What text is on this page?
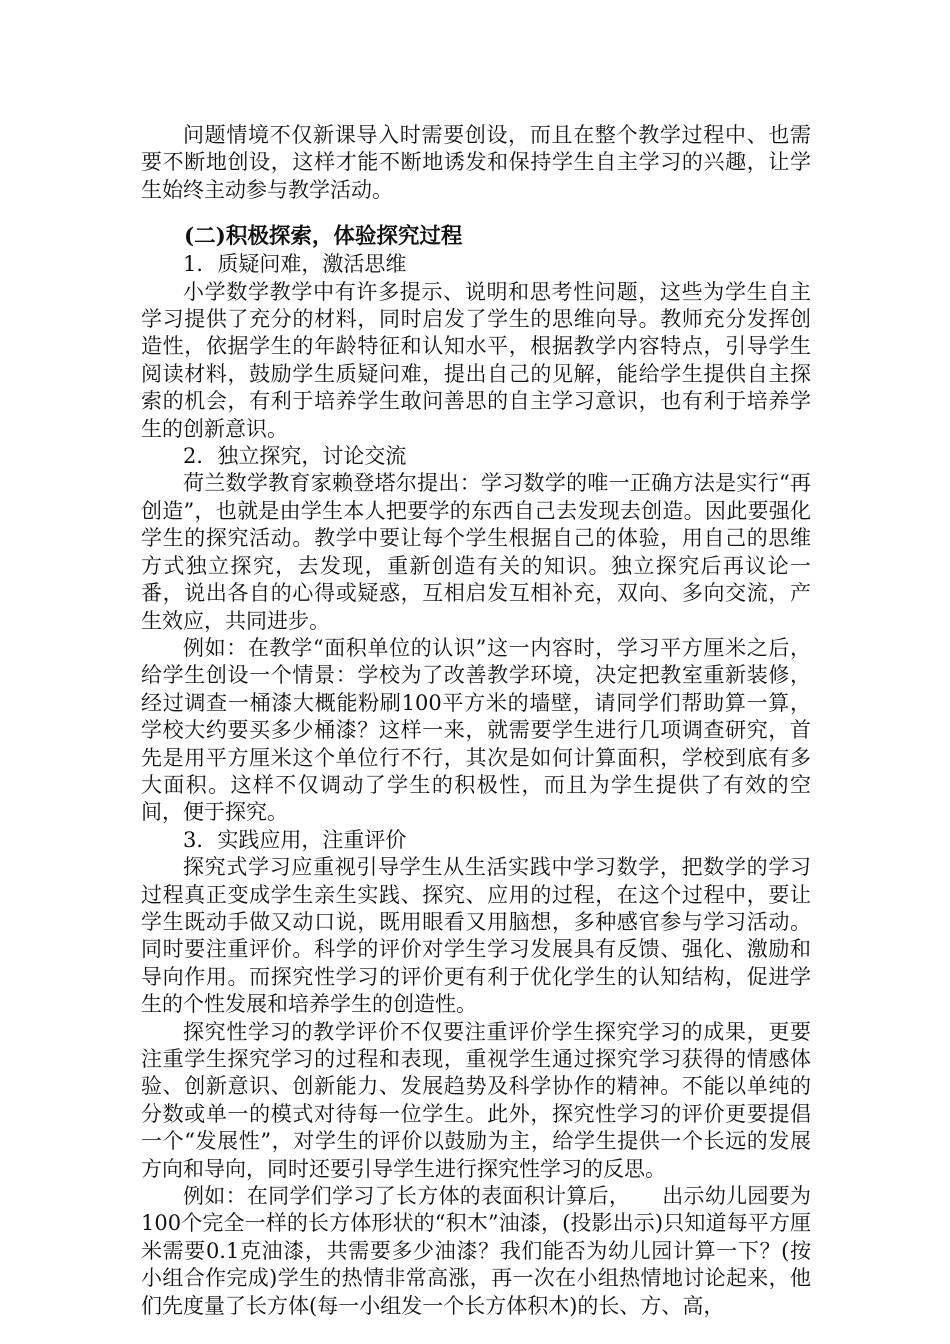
问题情境不仅新课导入时需要创设，而且在整个教学过程中、也需要不断地创设，这样才能不断地诱发和保持学生自主学习的兴趣，让学生始终主动参与教学活动。

(二)积极探索，体验探究过程

1．质疑问难，激活思维

小学数学教学中有许多提示、说明和思考性问题，这些为学生自主学习提供了充分的材料，同时启发了学生的思维向导。教师充分发挥创造性，依据学生的年龄特征和认知水平，根据教学内容特点，引导学生阅读材料，鼓励学生质疑问难，提出自己的见解，能给学生提供自主探索的机会，有利于培养学生敢问善思的自主学习意识，也有利于培养学生的创新意识。

2．独立探究，讨论交流

荷兰数学教育家赖登塔尔提出：学习数学的唯一正确方法是实行“再创造”，也就是由学生本人把要学的东西自己去发现去创造。因此要强化学生的探究活动。教学中要让每个学生根据自己的体验，用自己的思维方式独立探究，去发现，重新创造有关的知识。独立探究后再议论一番，说出各自的心得或疑惑，互相启发互相补充，双向、多向交流，产生效应，共同进步。

例如：在教学“面积单位的认识”这一内容时，学习平方厘米之后，给学生创设一个情景：学校为了改善教学环境，决定把教室重新装修，经过调查一桶漆大概能粉刷100平方米的墙壁，请同学们帮助算一算，学校大约要买多少桶漆？这样一来，就需要学生进行几项调查研究，首先是用平方厘米这个单位行不行，其次是如何计算面积，学校到底有多大面积。这样不仅调动了学生的积极性，而且为学生提供了有效的空间，便于探究。

3．实践应用，注重评价

探究式学习应重视引导学生从生活实践中学习数学，把数学的学习过程真正变成学生亲生实践、探究、应用的过程，在这个过程中，要让学生既动手做又动口说，既用眼看又用脑想，多种感官参与学习活动。同时要注重评价。科学的评价对学生学习发展具有反馈、强化、激励和导向作用。而探究性学习的评价更有利于优化学生的认知结构，促进学生的个性发展和培养学生的创造性。

探究性学习的教学评价不仅要注重评价学生探究学习的成果，更要注重学生探究学习的过程和表现，重视学生通过探究学习获得的情感体验、创新意识、创新能力、发展趋势及科学协作的精神。不能以单纯的分数或单一的模式对待每一位学生。此外，探究性学习的评价更要提倡一个“发展性”，对学生的评价以鼓励为主，给学生提供一个长远的发展方向和导向，同时还要引导学生进行探究性学习的反思。

例如：在同学们学习了长方体的表面积计算后，　　出示幼儿园要为100个完全一样的长方体形状的“积木”油漆，(投影出示)只知道每平方厘米需要0.1克油漆，共需要多少油漆？我们能否为幼儿园计算一下？(按小组合作完成)学生的热情非常高涨，再一次在小组热情地讨论起来，他们先度量了长方体(每一小组发一个长方体积木)的长、方、高，
